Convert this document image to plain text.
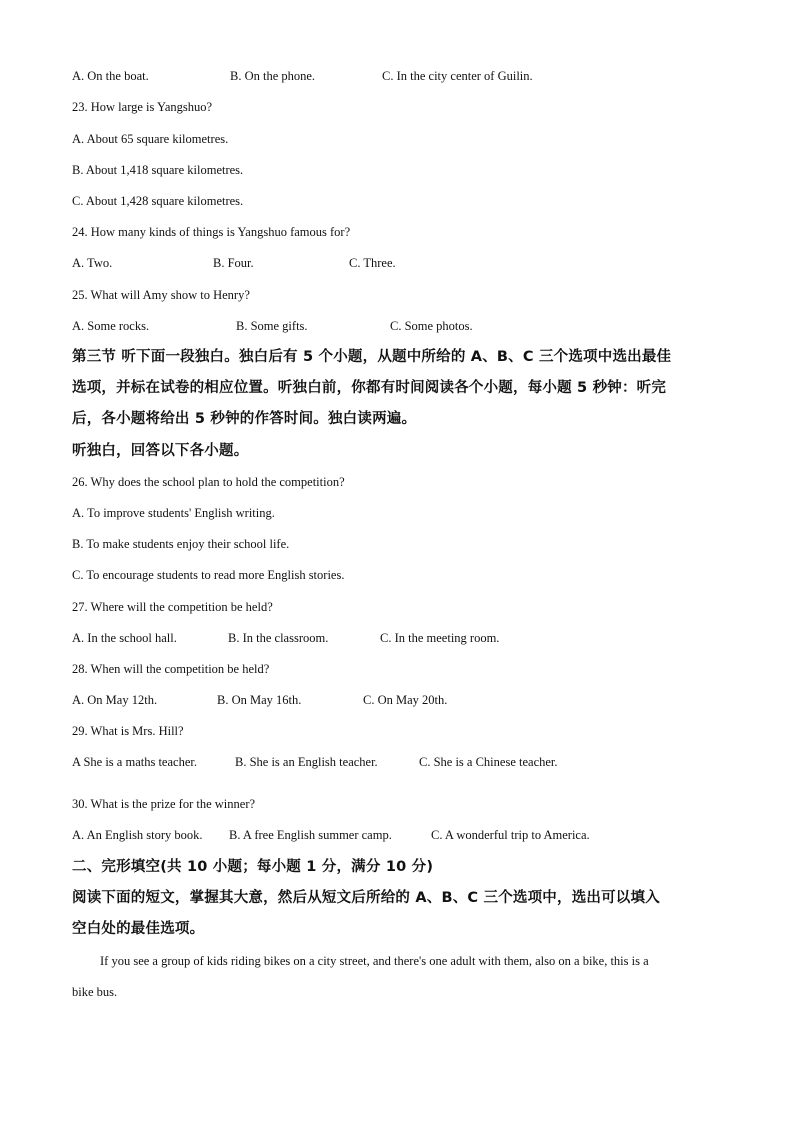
A. On the boat.	B. On the phone.	C. In the city center of Guilin.
23. How large is Yangshuo?
A. About 65 square kilometres.
B. About 1,418 square kilometres.
C. About 1,428 square kilometres.
24. How many kinds of things is Yangshuo famous for?
A. Two.	B. Four.	C. Three.
25. What will Amy show to Henry?
A. Some rocks.	B. Some gifts.	C. Some photos.
第三节 听下面一段独白。独白后有 5 个小题，从题中所给的 A、B、C 三个选项中选出最佳
选项，并标在试卷的相应位置。听独白前，你都有时间阅读各个小题，每小题 5 秒钟：听完
后，各小题将给出 5 秒钟的作答时间。独白读两遍。
听独白，回答以下各小题。
26. Why does the school plan to hold the competition?
A. To improve students' English writing.
B. To make students enjoy their school life.
C. To encourage students to read more English stories.
27. Where will the competition be held?
A. In the school hall.	B. In the classroom.	C. In the meeting room.
28. When will the competition be held?
A. On May 12th.	B. On May 16th.	C. On May 20th.
29. What is Mrs. Hill?
A She is a maths teacher.	B. She is an English teacher.	C. She is a Chinese teacher.
30. What is the prize for the winner?
A. An English story book. B. A free English summer camp.	C. A wonderful trip to America.
二、完形填空(共 10 小题；每小题 1 分，满分 10 分)
阅读下面的短文，掌握其大意，然后从短文后所给的 A、B、C 三个选项中，选出可以填入
空白处的最佳选项。
If you see a group of kids riding bikes on a city street, and there's one adult with them, also on a bike, this is a
bike bus.
